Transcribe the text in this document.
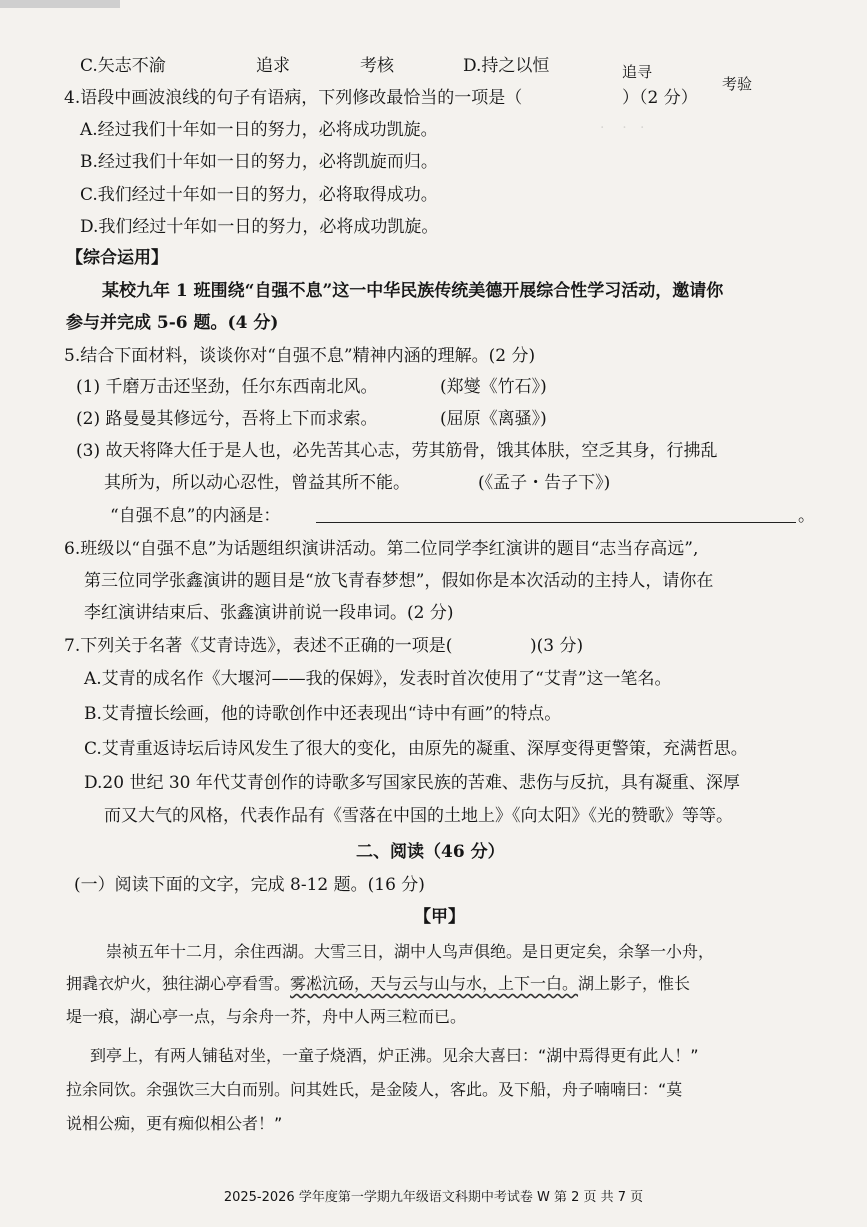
·    ·   ·
C.矢志不渝	追求	考核	D.持之以恒	追寻
考验
4.语段中画波浪线的句子有语病，下列修改最恰当的一项是（	）（2 分）
A.经过我们十年如一日的努力，必将成功凯旋。
B.经过我们十年如一日的努力，必将凯旋而归。
C.我们经过十年如一日的努力，必将取得成功。
D.我们经过十年如一日的努力，必将成功凯旋。
【综合运用】
某校九年 1 班围绕“自强不息”这一中华民族传统美德开展综合性学习活动，邀请你
参与并完成 5-6 题。(4 分)
5.结合下面材料，谈谈你对“自强不息”精神内涵的理解。(2 分)
(1) 千磨万击还坚劲，任尔东西南北风。	(郑燮《竹石》)
(2) 路曼曼其修远兮，吾将上下而求索。	(屈原《离骚》)
(3) 故天将降大任于是人也，必先苦其心志，劳其筋骨，饿其体肤，空乏其身，行拂乱
其所为，所以动心忍性，曾益其所不能。	(《孟子・告子下》)
“自强不息”的内涵是：	。
6.班级以“自强不息”为话题组织演讲活动。第二位同学李红演讲的题目“志当存高远”,
第三位同学张鑫演讲的题目是“放飞青春梦想”，假如你是本次活动的主持人，请你在
李红演讲结束后、张鑫演讲前说一段串词。(2 分)
7.下列关于名著《艾青诗选》，表述不正确的一项是(	)(3 分)
A.艾青的成名作《大堰河——我的保姆》，发表时首次使用了“艾青”这一笔名。
B.艾青擅长绘画，他的诗歌创作中还表现出“诗中有画”的特点。
C.艾青重返诗坛后诗风发生了很大的变化，由原先的凝重、深厚变得更警策，充满哲思。
D.20 世纪 30 年代艾青创作的诗歌多写国家民族的苦难、悲伤与反抗，具有凝重、深厚
而又大气的风格，代表作品有《雪落在中国的土地上》《向太阳》《光的赞歌》等等。
二、阅读（46 分）
(一）阅读下面的文字，完成 8-12 题。(16 分)
【甲】
崇祯五年十二月，余住西湖。大雪三日，湖中人鸟声俱绝。是日更定矣，余拏一小舟，
拥毳衣炉火，独往湖心亭看雪。雾凇沆砀，天与云与山与水，上下一白。湖上影子，惟长
堤一痕，湖心亭一点，与余舟一芥，舟中人两三粒而已。
到亭上，有两人铺毡对坐，一童子烧酒，炉正沸。见余大喜曰：“湖中焉得更有此人！”
拉余同饮。余强饮三大白而别。问其姓氏，是金陵人，客此。及下船，舟子喃喃曰：“莫
说相公痴，更有痴似相公者！”
2025-2026 学年度第一学期九年级语文科期中考试卷 W 第 2 页 共 7 页
